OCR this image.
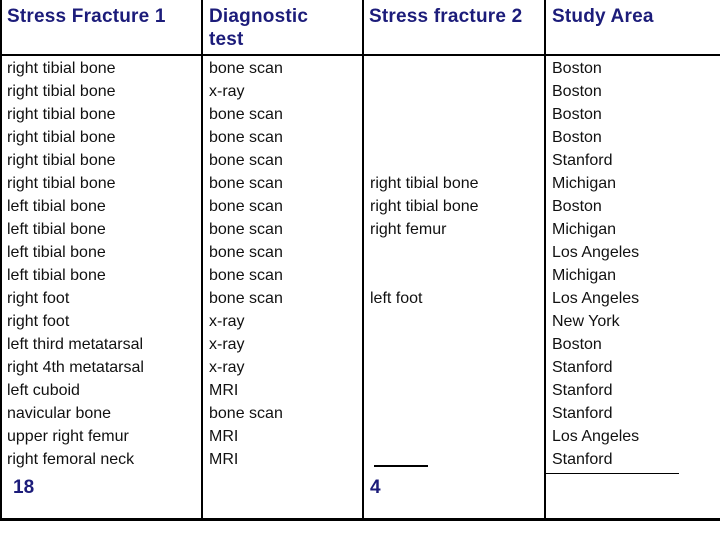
Stress Fracture 1 Diagnostic
test
Stress fracture 2 Study Area
right tibial bone
right tibial bone
right tibial bone
right tibial bone
right tibial bone
right tibial bone
left tibial bone
left tibial bone
left tibial bone
left tibial bone
right foot
right foot
left third metatarsal
right 4th metatarsal
left cuboid
navicular bone
upper right femur
right femoral neck
bone scan
x-ray
bone scan
bone scan
bone scan
bone scan
bone scan
bone scan
bone scan
bone scan
bone scan
x-ray
x-ray
x-ray
MRI
bone scan
MRI
MRI
right tibial bone
right tibial bone
right femur
left foot
Boston
Boston
Boston
Boston
Stanford
Michigan
Boston
Michigan
Los Angeles
Michigan
Los Angeles
New York
Boston
Stanford
Stanford
Stanford
Los Angeles
Stanford
18	4
